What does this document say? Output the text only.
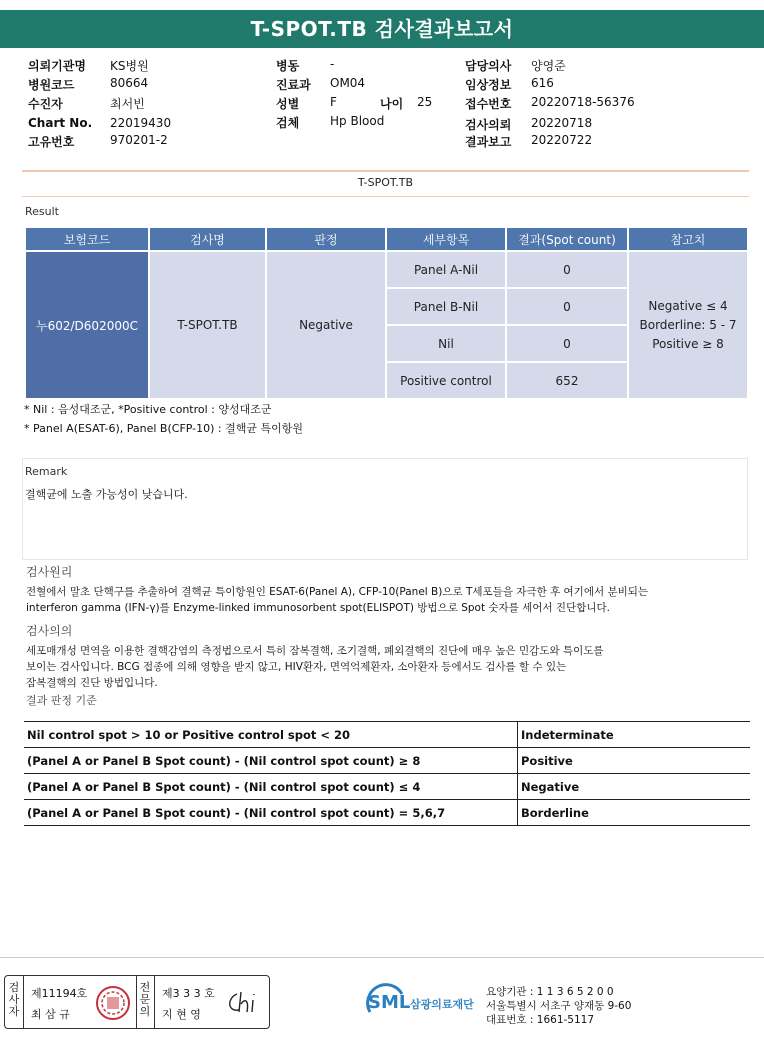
T-SPOT.TB 검사결과보고서
의뢰기관명 KS병원
병원코드	80664
수진자	최서빈
Chart No. 22019430
고유번호	970201-2
병동	-
진료과 OM04
성별	F
검체	Hp Blood
나이 25
담당의사 양영준
임상정보 616
접수번호 20220718-56376
검사의뢰 20220718
결과보고 20220722
T-SPOT.TB
Result
보험코드	검사명	판정	세부항목	결과(Spot count)	참고치
누602/D602000C	T-SPOT.TB	Negative	Panel A-Nil	0	Negative ≤ 4
Borderline: 5 - 7
Positive ≥ 8

			Panel B-Nil	0	
			Nil	0	
			Positive control	652	
* Nil : 음성대조군, *Positive control : 양성대조군
* Panel A(ESAT-6), Panel B(CFP-10) : 결핵균 특이항원
Remark
결핵균에 노출 가능성이 낮습니다.
검사원리
전혈에서 말초 단핵구를 추출하여 결핵균 특이항원인 ESAT-6(Panel A), CFP-10(Panel B)으로 T세포들을 자극한 후 여기에서 분비되는
interferon gamma (IFN-γ)를 Enzyme-linked immunosorbent spot(ELISPOT) 방법으로 Spot 숫자를 세어서 진단합니다.
검사의의
세포매개성 면역을 이용한 결핵감염의 측정법으로서 특히 잠복결핵, 조기결핵, 폐외결핵의 진단에 매우 높은 민감도와 특이도를
보이는 검사입니다. BCG 접종에 의해 영향을 받지 않고, HIV환자, 면역억제환자, 소아환자 등에서도 검사를 할 수 있는
잠복결핵의 진단 방법입니다.
결과 판정 기준
Nil control spot > 10 or Positive control spot < 20	Indeterminate
(Panel A or Panel B Spot count) - (Nil control spot count) ≥ 8	Positive
(Panel A or Panel B Spot count) - (Nil control spot count) ≤ 4	Negative
(Panel A or Panel B Spot count) - (Nil control spot count) = 5,6,7	Borderline
검
사
자
제11194호
최 삼 규
전
문
의
제3 3 3 호
지 현 영
SML 삼광의료재단
요양기관 : 1 1 3 6 5 2 0 0
서울특별시 서초구 양재동 9-60
대표번호 : 1661-5117
